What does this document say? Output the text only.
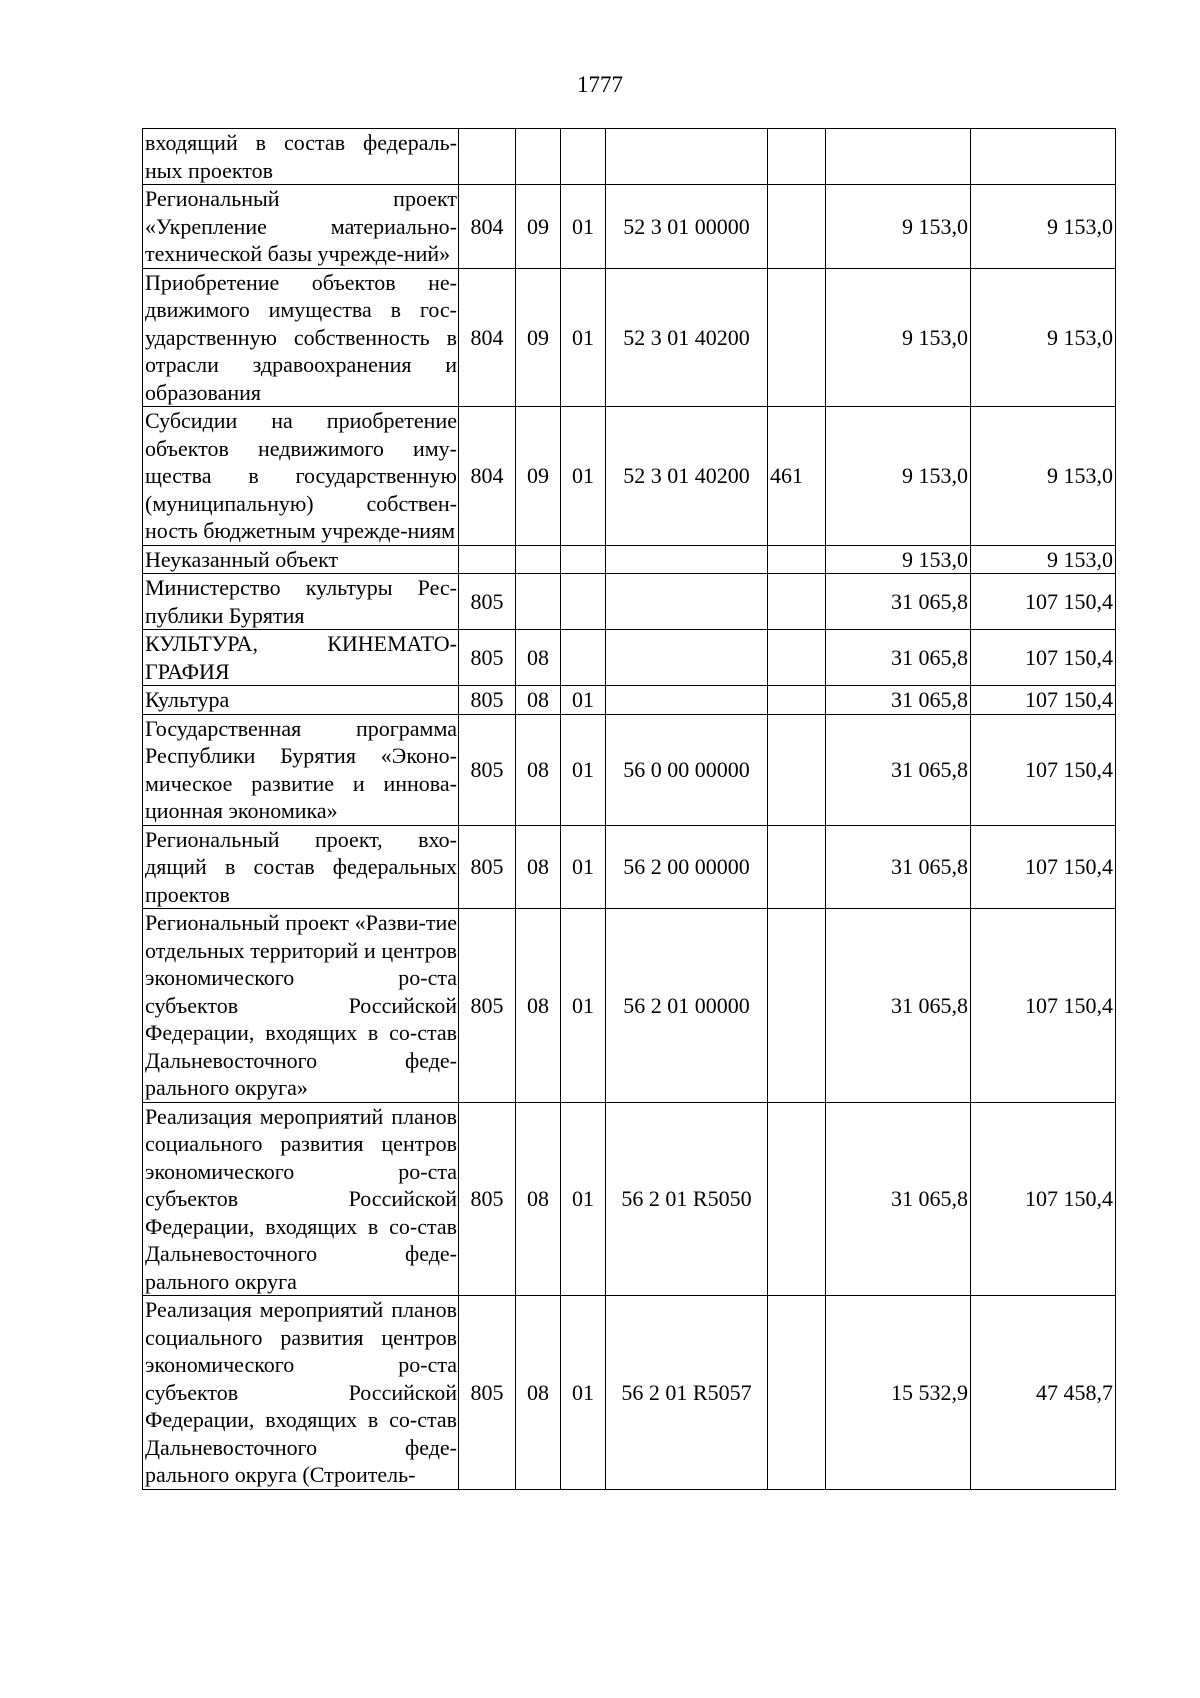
1777
входящий в состав федераль-ных проектов							
Региональный проект «Укрепление материально-технической базы учрежде-ний»	804	09	01	52 3 01 00000		9 153,0	9 153,0
Приобретение объектов не-движимого имущества в гос-ударственную собственность в отрасли здравоохранения и образования	804	09	01	52 3 01 40200		9 153,0	9 153,0
Субсидии на приобретение объектов недвижимого иму-щества в государственную (муниципальную) собствен-ность бюджетным учрежде-ниям	804	09	01	52 3 01 40200	461	9 153,0	9 153,0
Неуказанный объект						9 153,0	9 153,0
Министерство культуры Рес-публики Бурятия	805					31 065,8	107 150,4
КУЛЬТУРА, КИНЕМАТО-ГРАФИЯ	805	08				31 065,8	107 150,4
Культура	805	08	01			31 065,8	107 150,4
Государственная программа Республики Бурятия «Эконо-мическое развитие и иннова-ционная экономика»	805	08	01	56 0 00 00000		31 065,8	107 150,4
Региональный проект, вхо-дящий в состав федеральных проектов	805	08	01	56 2 00 00000		31 065,8	107 150,4
Региональный проект «Разви-тие отдельных территорий и центров экономического ро-ста субъектов Российской Федерации, входящих в со-став Дальневосточного феде-рального округа»	805	08	01	56 2 01 00000		31 065,8	107 150,4
Реализация мероприятий планов социального развития центров экономического ро-ста субъектов Российской Федерации, входящих в со-став Дальневосточного феде-рального округа	805	08	01	56 2 01 R5050		31 065,8	107 150,4
Реализация мероприятий планов социального развития центров экономического ро-ста субъектов Российской Федерации, входящих в со-став Дальневосточного феде-рального округа (Строитель-	805	08	01	56 2 01 R5057		15 532,9	47 458,7
